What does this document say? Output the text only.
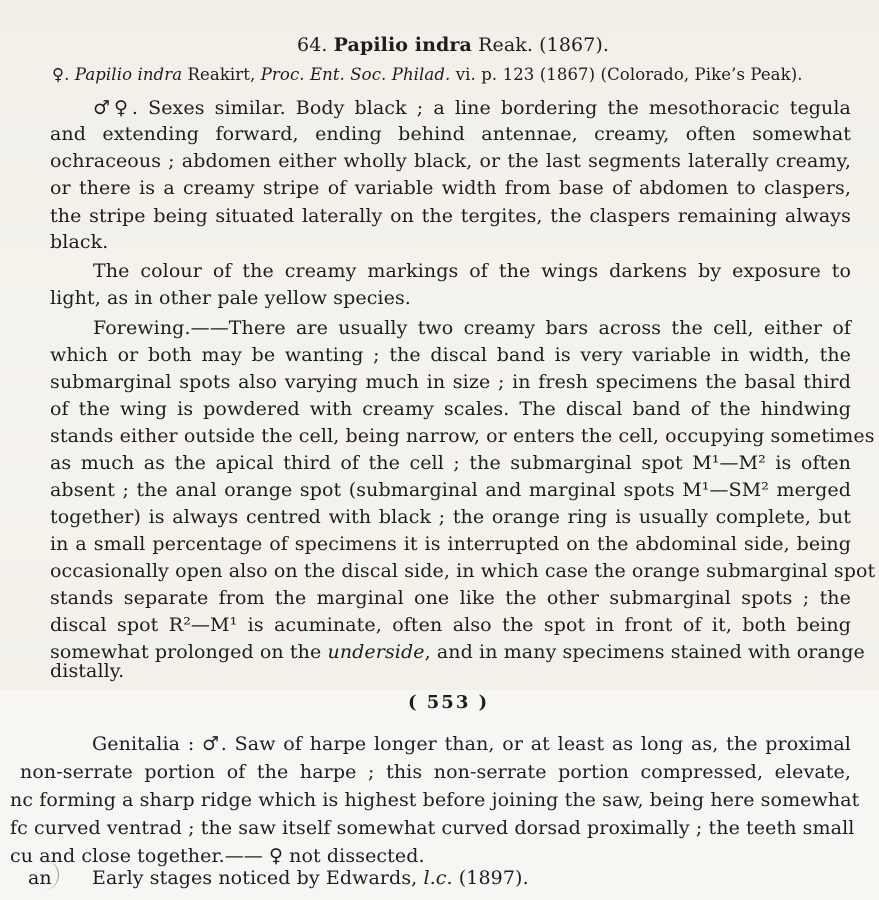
64. Papilio indra Reak. (1867).
♀. Papilio indra Reakirt, Proc. Ent. Soc. Philad. vi. p. 123 (1867) (Colorado, Pike’s Peak).
♂♀. Sexes similar. Body black ; a line bordering the mesothoracic tegula
and extending forward, ending behind antennae, creamy, often somewhat
ochraceous ; abdomen either wholly black, or the last segments laterally creamy,
or there is a creamy stripe of variable width from base of abdomen to claspers,
the stripe being situated laterally on the tergites, the claspers remaining always
black.
The colour of the creamy markings of the wings darkens by exposure to
light, as in other pale yellow species.
Forewing.——There are usually two creamy bars across the cell, either of
which or both may be wanting ; the discal band is very variable in width, the
submarginal spots also varying much in size ; in fresh specimens the basal third
of the wing is powdered with creamy scales. The discal band of the hindwing
stands either outside the cell, being narrow, or enters the cell, occupying sometimes
as much as the apical third of the cell ; the submarginal spot M¹—M² is often
absent ; the anal orange spot (submarginal and marginal spots M¹—SM² merged
together) is always centred with black ; the orange ring is usually complete, but
in a small percentage of specimens it is interrupted on the abdominal side, being
occasionally open also on the discal side, in which case the orange submarginal spot
stands separate from the marginal one like the other submarginal spots ; the
discal spot R²—M¹ is acuminate, often also the spot in front of it, both being
somewhat prolonged on the underside, and in many specimens stained with orange
distally.
( 553 )
Genitalia : ♂. Saw of harpe longer than, or at least as long as, the proximal
non-serrate portion of the harpe ; this non-serrate portion compressed, elevate,
nc forming a sharp ridge which is highest before joining the saw, being here somewhat
fc curved ventrad ; the saw itself somewhat curved dorsad proximally ; the teeth small
cu and close together.—— ♀ not dissected.
an Early stages noticed by Edwards, l.c. (1897).
